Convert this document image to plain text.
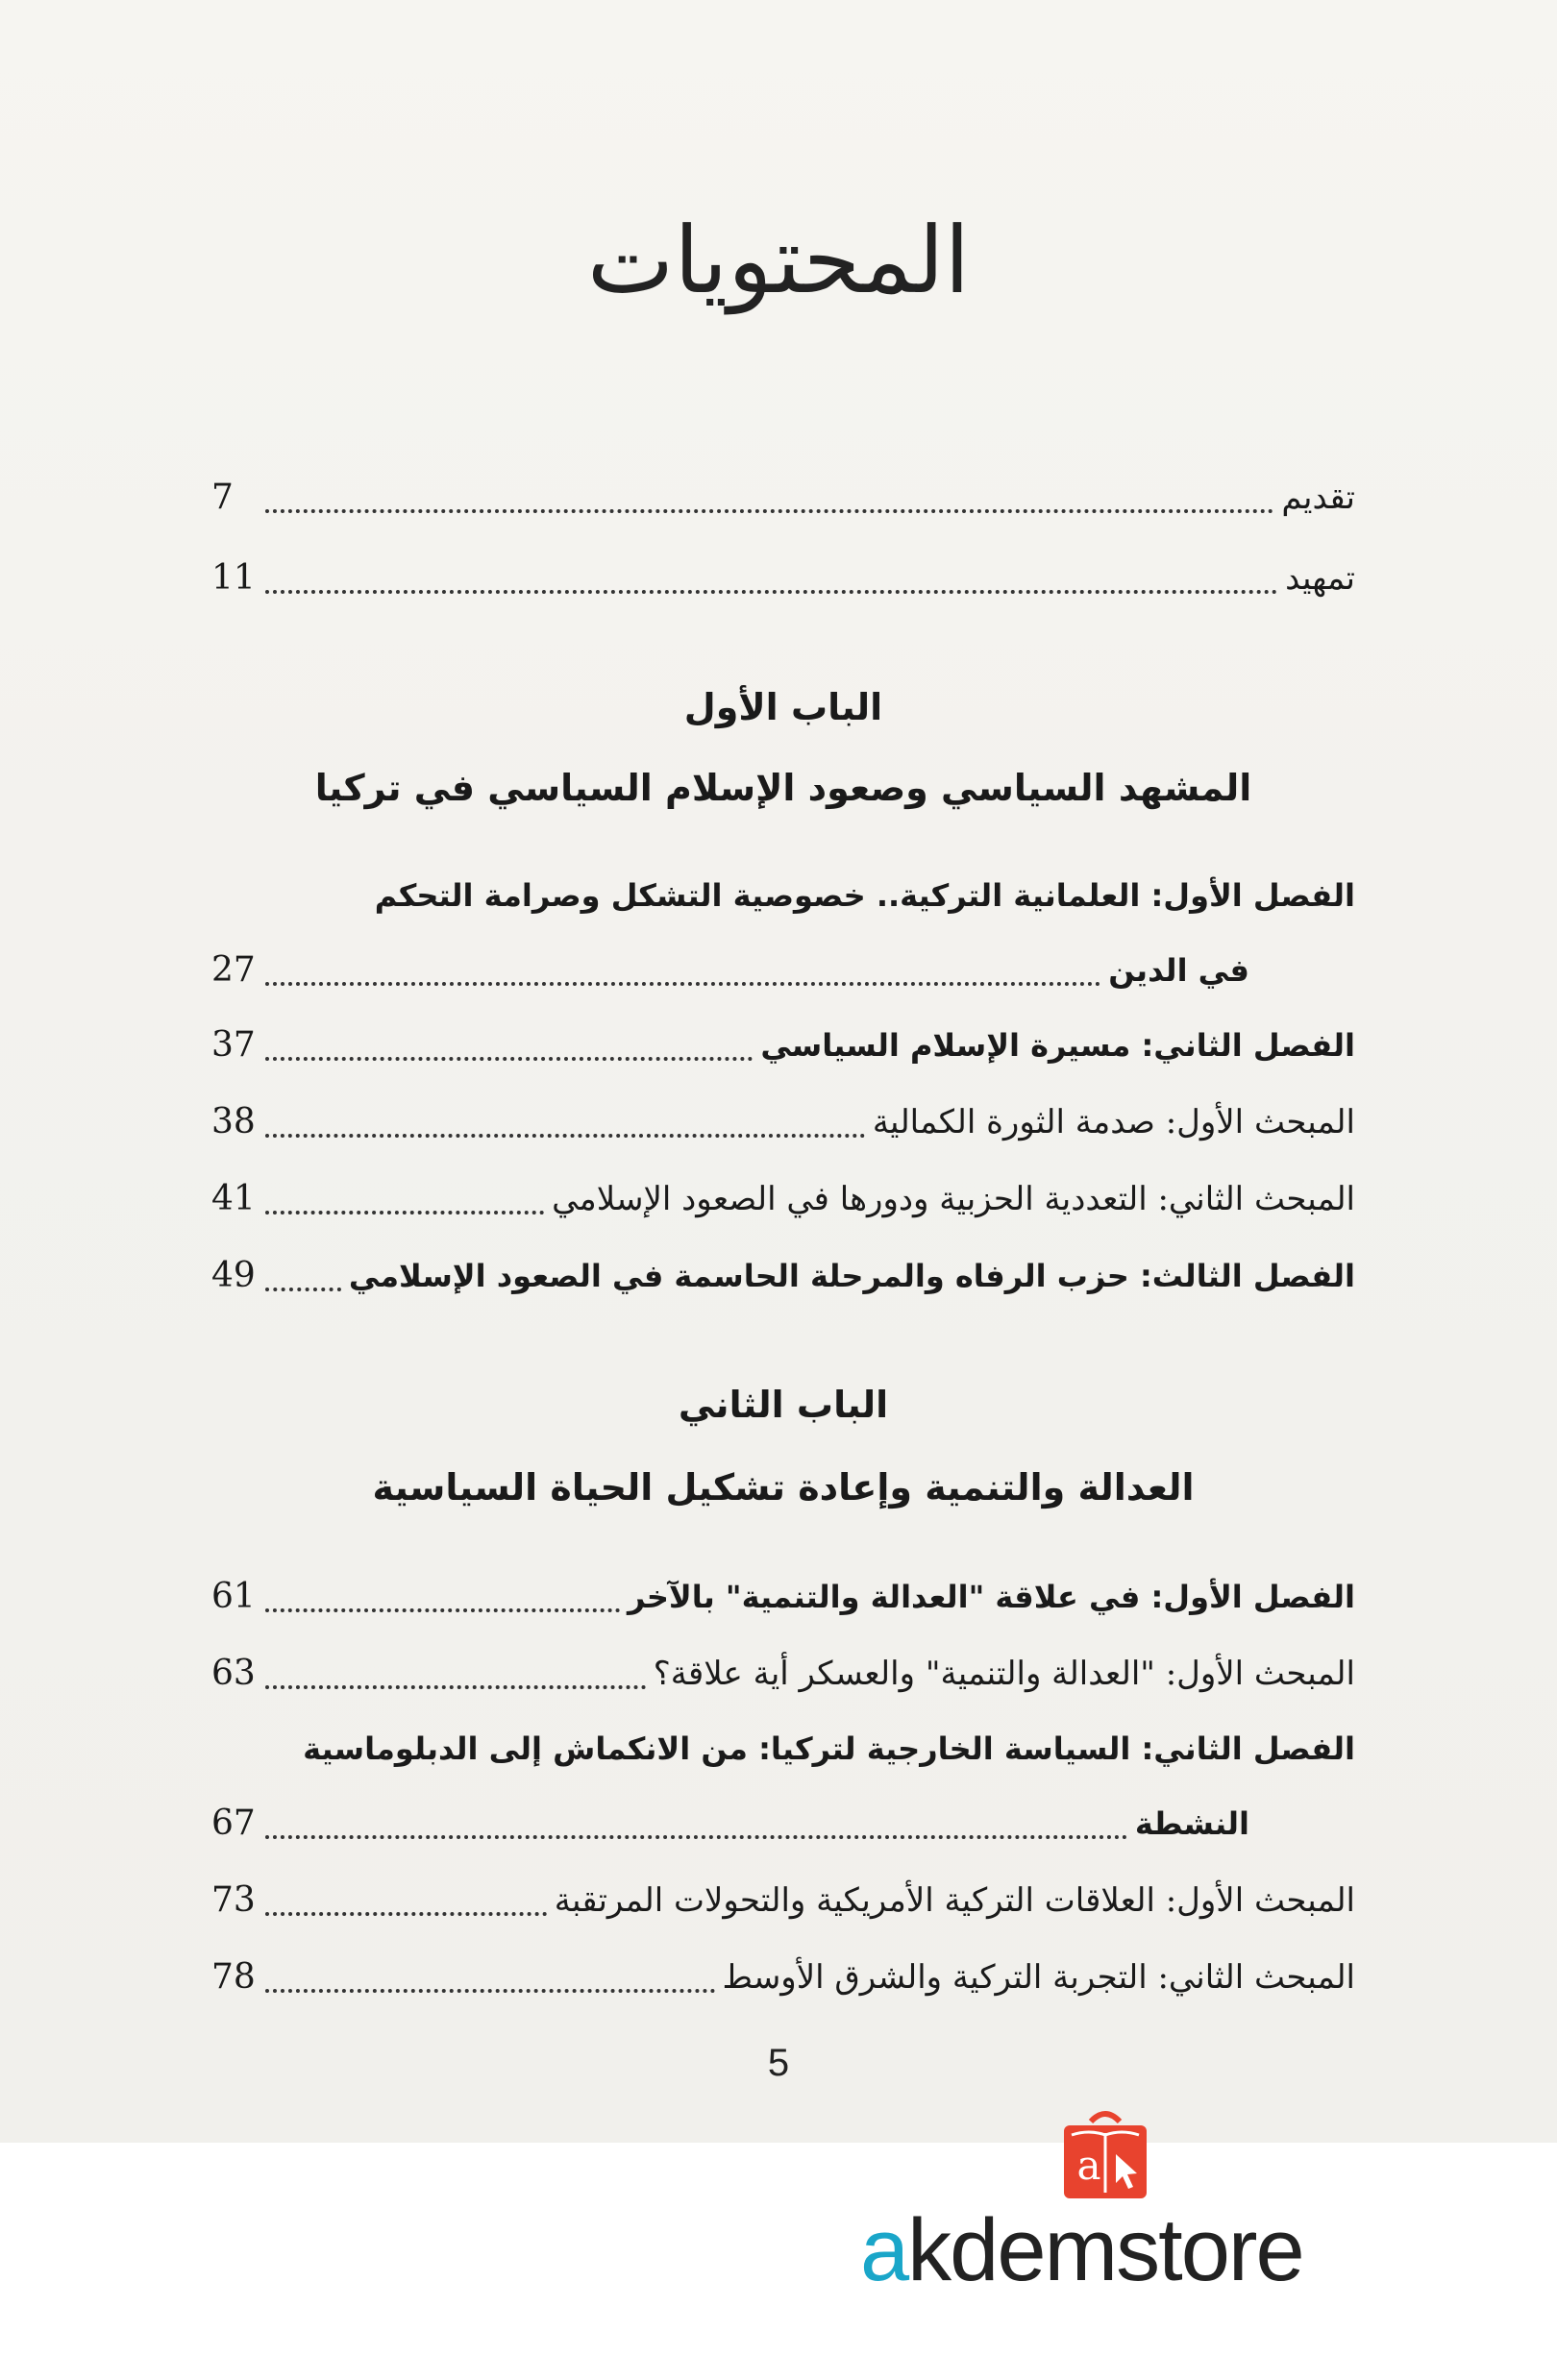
المحتويات
تقديم
7
تمهيد
11
الفصل الأول: العلمانية التركية.. خصوصية التشكل وصرامة التحكم
في الدين
27
الفصل الثاني: مسيرة الإسلام السياسي
37
المبحث الأول: صدمة الثورة الكمالية
38
المبحث الثاني: التعددية الحزبية ودورها في الصعود الإسلامي
41
الفصل الثالث: حزب الرفاه والمرحلة الحاسمة في الصعود الإسلامي
49
الفصل الأول: في علاقة "العدالة والتنمية" بالآخر
61
المبحث الأول: "العدالة والتنمية" والعسكر أية علاقة؟
63
الفصل الثاني: السياسة الخارجية لتركيا: من الانكماش إلى الدبلوماسية
النشطة
67
المبحث الأول: العلاقات التركية الأمريكية والتحولات المرتقبة
73
المبحث الثاني: التجربة التركية والشرق الأوسط
78
الباب الأول
المشهد السياسي وصعود الإسلام السياسي في تركيا
الباب الثاني
العدالة والتنمية وإعادة تشكيل الحياة السياسية
5
a
akdemstore
